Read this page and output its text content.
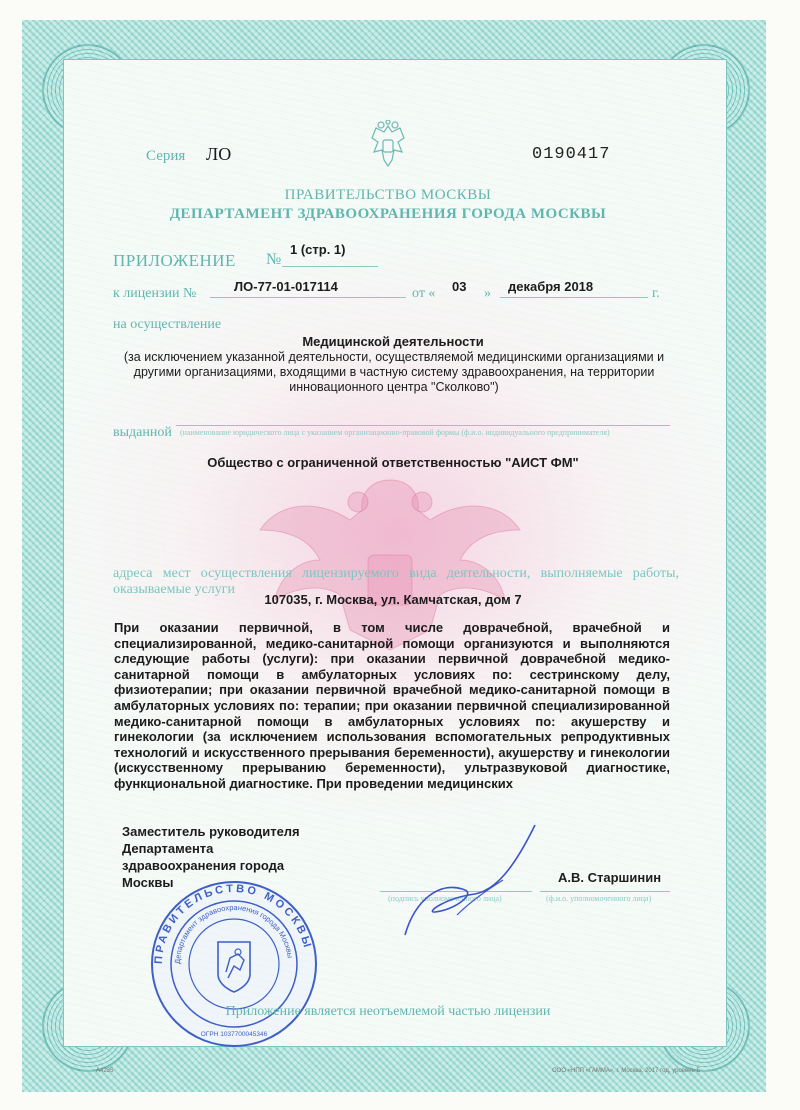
Серия ЛО	0190417
ПРАВИТЕЛЬСТВО МОСКВЫ
ДЕПАРТАМЕНТ ЗДРАВООХРАНЕНИЯ ГОРОДА МОСКВЫ
ПРИЛОЖЕНИЕ №
1 (стр. 1)
к лицензии №	ЛО-77-01-017114	от « 03 » декабря 2018	г.
на осуществление
Медицинской деятельности
(за исключением указанной деятельности, осуществляемой медицинскими организациями и другими организациями, входящими в частную систему здравоохранения, на территории инновационного центра "Сколково")
выданной (наименование юридического лица с указанием организационно-правовой формы (ф.и.о. индивидуального предпринимателя)
Общество с ограниченной ответственностью "АИСТ ФМ"
адреса мест осуществления лицензируемого вида деятельности, выполняемые работы, оказываемые услуги
107035, г. Москва, ул. Камчатская, дом 7
При оказании первичной, в том числе доврачебной, врачебной и специализированной, медико-санитарной помощи организуются и выполняются следующие работы (услуги): при оказании первичной доврачебной медико-санитарной помощи в амбулаторных условиях по: сестринскому делу, физиотерапии; при оказании первичной врачебной медико-санитарной помощи в амбулаторных условиях по: терапии; при оказании первичной специализированной медико-санитарной помощи в амбулаторных условиях по: акушерству и гинекологии (за исключением использования вспомогательных репродуктивных технологий и искусственного прерывания беременности), акушерству и гинекологии (искусственному прерыванию беременности), ультразвуковой диагностике, функциональной диагностике. При проведении медицинских
Заместитель руководителя
Департамента
здравоохранения города
Москвы
(подпись уполномоченного лица)
А.В. Старшинин
(ф.и.о. уполномоченного лица)
ПРАВИТЕЛЬСТВО МОСКВЫ
Департамент здравоохранения города Москвы
ОГРН 1037700045346
Приложение является неотъемлемой частью лицензии
А4235	ООО «НПП «ГАММА», г. Москва, 2017 год, уровень Б
